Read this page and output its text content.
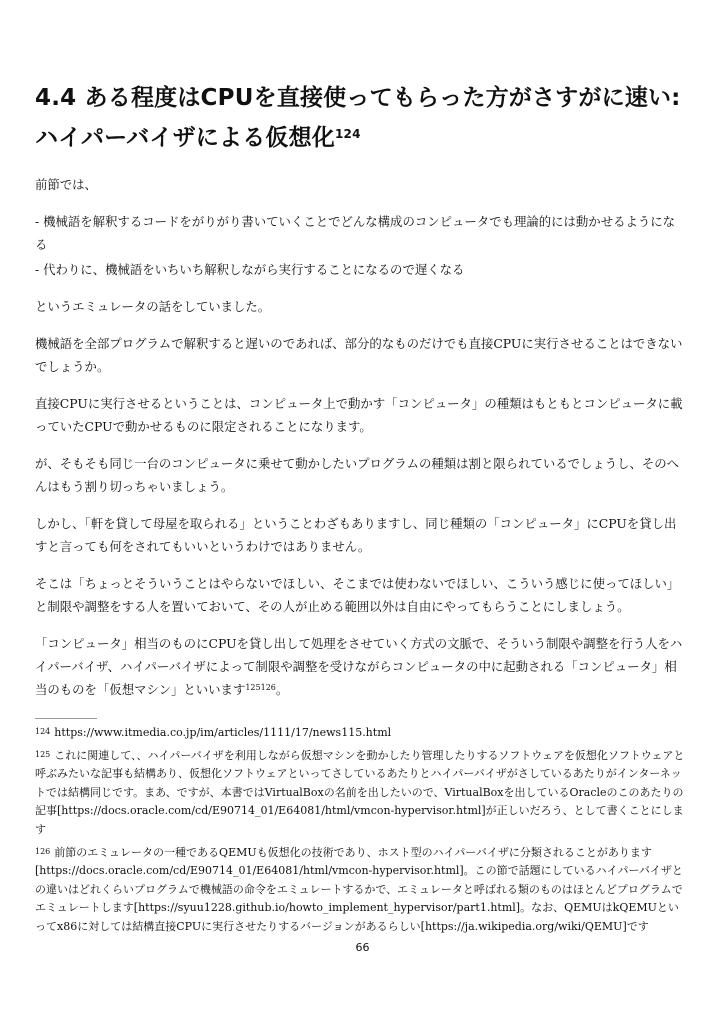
4.4 ある程度はCPUを直接使ってもらった方がさすがに速い: ハイパーバイザによる仮想化$^{124}$

前節では、

- 機械語を解釈するコードをがりがり書いていくことでどんな構成のコンピュータでも理論的には動かせるようになる

- 代わりに、機械語をいちいち解釈しながら実行することになるので遅くなる

というエミュレータの話をしていました。

機械語を全部プログラムで解釈すると遅いのであれば、部分的なものだけでも直接CPUに実行させることはできないでしょうか。

直接CPUに実行させるということは、コンピュータ上で動かす「コンピュータ」の種類はもともとコンピュータに載っていたCPUで動かせるものに限定されることになります。

が、そもそも同じ一台のコンピュータに乗せて動かしたいプログラムの種類は割と限られているでしょうし、そのへんはもう割り切っちゃいましょう。

しかし、「軒を貸して母屋を取られる」ということわざもありますし、同じ種類の「コンピュータ」にCPUを貸し出すと言っても何をされてもいいというわけではありません。

そこは「ちょっとそういうことはやらないでほしい、そこまでは使わないでほしい、こういう感じに使ってほしい」と制限や調整をする人を置いておいて、その人が止める範囲以外は自由にやってもらうことにしましょう。

「コンピュータ」相当のものにCPUを貸し出して処理をさせていく方式の文脈で、そういう制限や調整を行う人をハイパーバイザ、ハイパーバイザによって制限や調整を受けながらコンピュータの中に起動される「コンピュータ」相当のものを「仮想マシン」といいます$^{125126}$。

$^{124}$ https://www.itmedia.co.jp/im/articles/1111/17/news115.html

$^{125}$ これに関連して、、ハイパーバイザを利用しながら仮想マシンを動かしたり管理したりするソフトウェアを仮想化ソフトウェアと呼ぶみたいな記事も結構あり、仮想化ソフトウェアといってさしているあたりとハイパーバイザがさしているあたりがインターネットでは結構同じです。まあ、ですが、本書ではVirtualBoxの名前を出したいので、VirtualBoxを出しているOracleのこのあたりの記事[https://docs.oracle.com/cd/E90714_01/E64081/html/vmcon-hypervisor.html]が正しいだろう、として書くことにします

$^{126}$ 前節のエミュレータの一種であるQEMUも仮想化の技術であり、ホスト型のハイパーバイザに分類されることがあります[https://docs.oracle.com/cd/E90714_01/E64081/html/vmcon-hypervisor.html]。この節で話題にしているハイパーバイザとの違いはどれくらいプログラムで機械語の命令をエミュレートするかで、エミュレータと呼ばれる類のものはほとんどプログラムでエミュレートします[https://syuu1228.github.io/howto_implement_hypervisor/part1.html]。なお、QEMUはkQEMUといってx86に対しては結構直接CPUに実行させたりするバージョンがあるらしい[https://ja.wikipedia.org/wiki/QEMU]です

66
